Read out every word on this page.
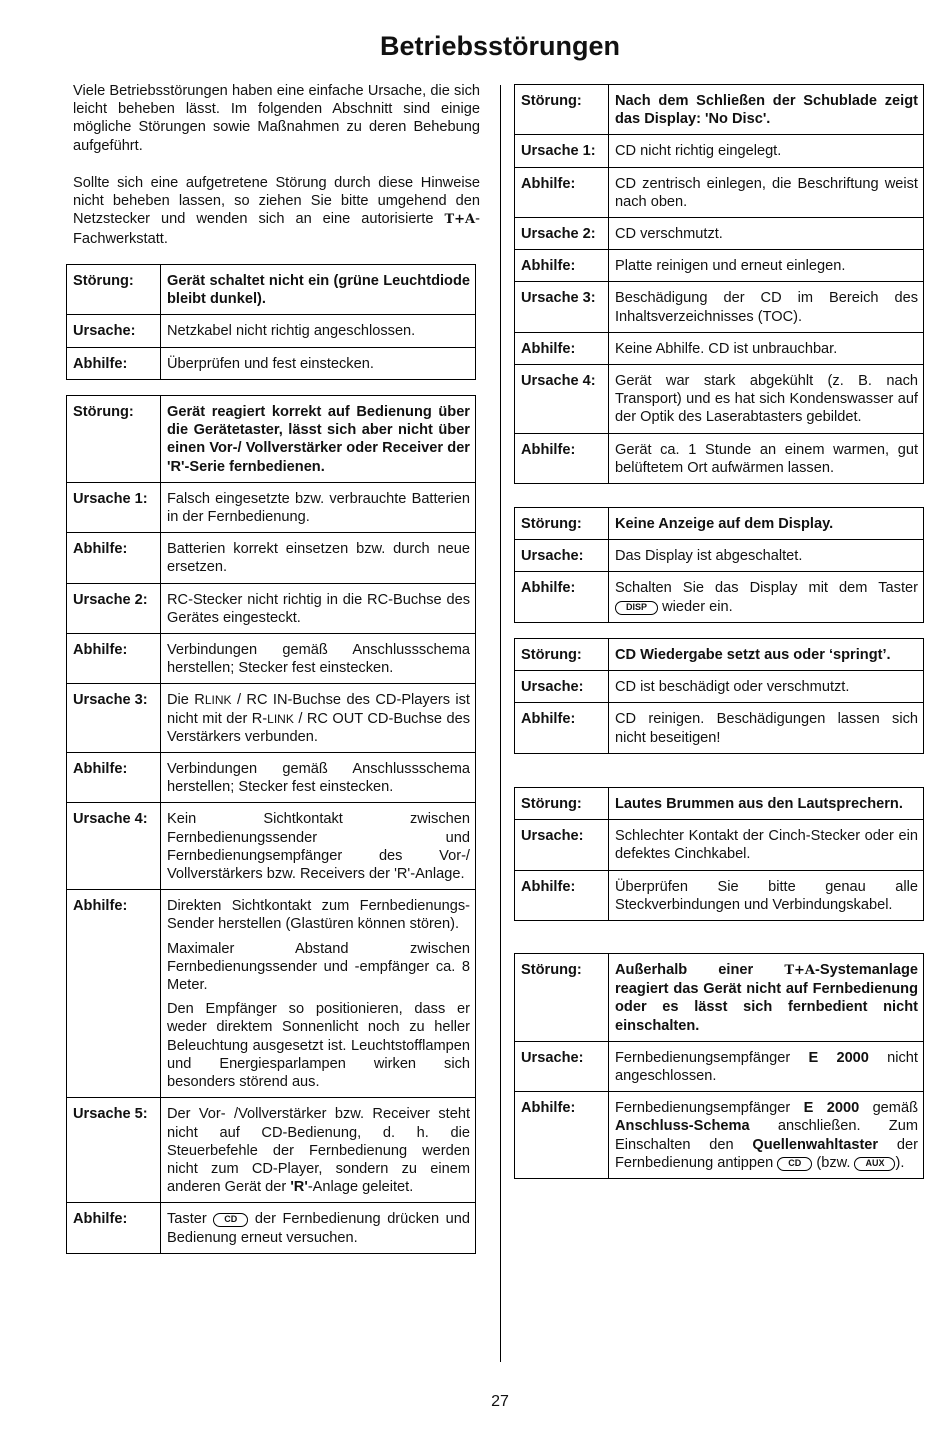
Betriebsstörungen
Viele Betriebsstörungen haben eine einfache Ursache, die sich leicht beheben lässt. Im folgenden Abschnitt sind einige mögliche Störungen sowie Maßnahmen zu deren Behebung aufgeführt.
Sollte sich eine aufgetretene Störung durch diese Hinweise nicht beheben lassen, so ziehen Sie bitte umgehend den Netzstecker und wenden sich an eine autorisierte T+A-Fachwerkstatt.
Störung:	Gerät schaltet nicht ein (grüne Leuchtdiode bleibt dunkel).
Ursache:	Netzkabel nicht richtig angeschlossen.
Abhilfe:	Überprüfen und fest einstecken.
Störung:	Gerät reagiert korrekt auf Bedienung über die Gerätetaster, lässt sich aber nicht über einen Vor-/ Vollverstärker oder Receiver der 'R'-Serie fernbedienen.
Ursache 1:	Falsch eingesetzte bzw. verbrauchte Batterien in der Fernbedienung.
Abhilfe:	Batterien korrekt einsetzen bzw. durch neue ersetzen.
Ursache 2:	RC-Stecker nicht richtig in die RC-Buchse des Gerätes eingesteckt.
Abhilfe:	Verbindungen gemäß Anschlussschema herstellen; Stecker fest einstecken.
Ursache 3:	Die RLINK / RC IN-Buchse des CD-Players ist nicht mit der R-LINK / RC OUT CD-Buchse des Verstärkers verbunden.
Abhilfe:	Verbindungen gemäß Anschlussschema herstellen; Stecker fest einstecken.
Ursache 4:	Kein Sichtkontakt zwischen Fernbedienungssender und Fernbedienungsempfänger des Vor-/ Vollverstärkers bzw. Receivers der 'R'-Anlage.
Abhilfe:	Direkten Sichtkontakt zum Fernbedienungs-Sender herstellen (Glastüren können stören).
Maximaler Abstand zwischen Fernbedienungssender und -empfänger ca. 8 Meter.
Den Empfänger so positionieren, dass er weder direktem Sonnenlicht noch zu heller Beleuchtung ausgesetzt ist. Leuchtstofflampen und Energiesparlampen wirken sich besonders störend aus.

Ursache 5:	Der Vor- /Vollverstärker bzw. Receiver steht nicht auf CD-Bedienung, d. h. die Steuerbefehle der Fernbedienung werden nicht zum CD-Player, sondern zu einem anderen Gerät der 'R'-Anlage geleitet.
Abhilfe:	Taster CD der Fernbedienung drücken und Bedienung erneut versuchen.
Störung:	Nach dem Schließen der Schublade zeigt das Display: 'No Disc'.
Ursache 1:	CD nicht richtig eingelegt.
Abhilfe:	CD zentrisch einlegen, die Beschriftung weist nach oben.
Ursache 2:	CD verschmutzt.
Abhilfe:	Platte reinigen und erneut einlegen.
Ursache 3:	Beschädigung der CD im Bereich des Inhaltsverzeichnisses (TOC).
Abhilfe:	Keine Abhilfe. CD ist unbrauchbar.
Ursache 4:	Gerät war stark abgekühlt (z. B. nach Transport) und es hat sich Kondenswasser auf der Optik des Laserabtasters gebildet.
Abhilfe:	Gerät ca. 1 Stunde an einem warmen, gut belüftetem Ort aufwärmen lassen.
Störung:	Keine Anzeige auf dem Display.
Ursache:	Das Display ist abgeschaltet.
Abhilfe:	Schalten Sie das Display mit dem Taster DISP wieder ein.
Störung:	CD Wiedergabe setzt aus oder ‘springt’.
Ursache:	CD ist beschädigt oder verschmutzt.
Abhilfe:	CD reinigen. Beschädigungen lassen sich nicht beseitigen!
Störung:	Lautes Brummen aus den Lautsprechern.
Ursache:	Schlechter Kontakt der Cinch-Stecker oder ein defektes Cinchkabel.
Abhilfe:	Überprüfen Sie bitte genau alle Steckverbindungen und Verbindungskabel.
Störung:	Außerhalb einer T+A-Systemanlage reagiert das Gerät nicht auf Fernbedienung oder es lässt sich fernbedient nicht einschalten.
Ursache:	Fernbedienungsempfänger E 2000 nicht angeschlossen.
Abhilfe:	Fernbedienungsempfänger E 2000 gemäß Anschluss-Schema anschließen. Zum Einschalten den Quellenwahltaster der Fernbedienung antippen CD (bzw. AUX ).
27
